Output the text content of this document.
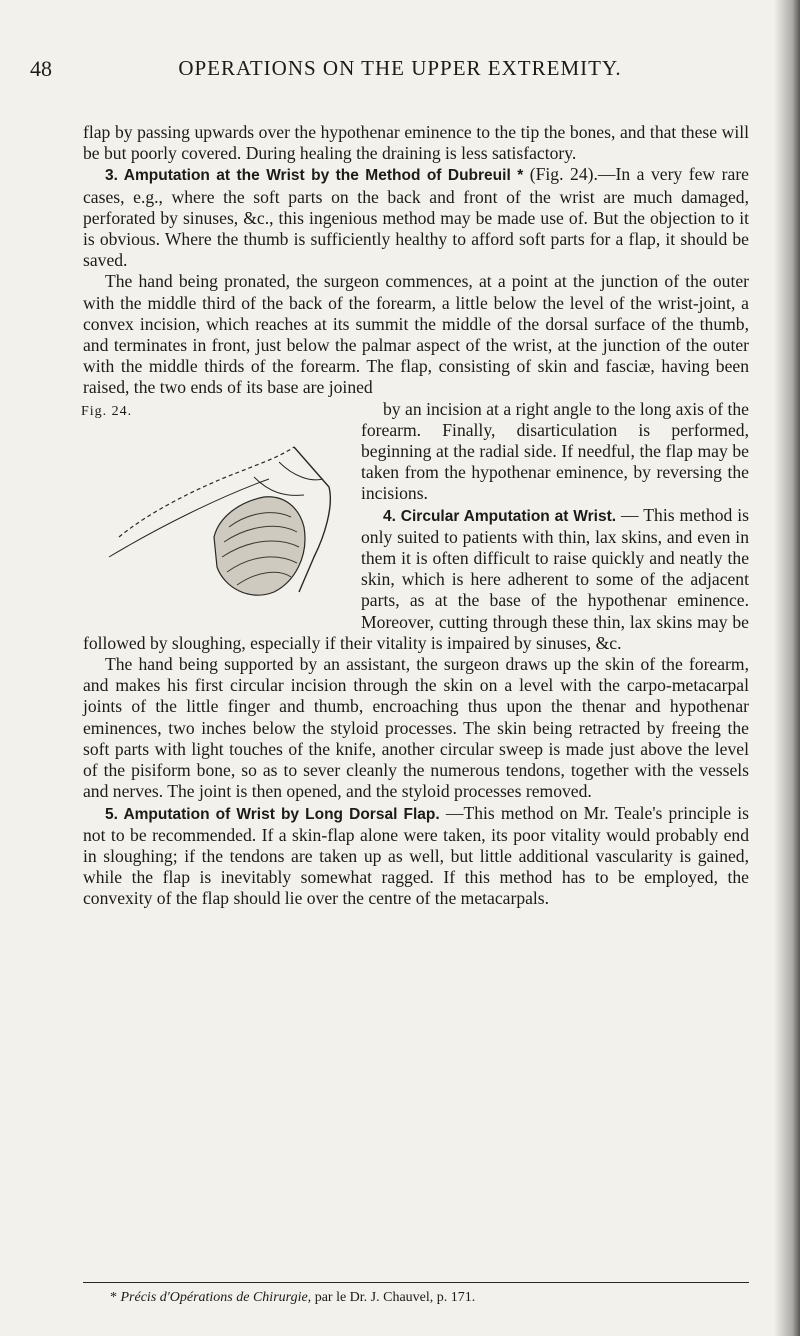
48	OPERATIONS ON THE UPPER EXTREMITY.

flap by passing upwards over the hypothenar eminence to the tip the bones, and that these will be but poorly covered. During healing the draining is less satisfactory.

3. Amputation at the Wrist by the Method of Dubreuil * (Fig. 24).—In a very few rare cases, e.g., where the soft parts on the back and front of the wrist are much damaged, perforated by sinuses, &c., this ingenious method may be made use of. But the objection to it is obvious. Where the thumb is sufficiently healthy to afford soft parts for a flap, it should be saved.

The hand being pronated, the surgeon commences, at a point at the junction of the outer with the middle third of the back of the forearm, a little below the level of the wrist-joint, a convex incision, which reaches at its summit the middle of the dorsal surface of the thumb, and terminates in front, just below the palmar aspect of the wrist, at the junction of the outer with the middle thirds of the forearm. The flap, consisting of skin and fasciæ, having been raised, the two ends of its base are joined

Fig. 24.	by an incision at a right angle to the long axis of the forearm. Finally, disarticulation is performed, beginning at the radial side. If needful, the flap may be taken from the hypothenar eminence, by reversing the incisions.

4. Circular Amputation at Wrist. — This method is only suited to patients with thin, lax skins, and even in them it is often difficult to raise quickly and neatly the skin, which is here adherent to some of the adjacent parts, as at the base of the hypothenar eminence. Moreover, cutting through these thin, lax skins may be followed by sloughing, especially if their vitality is impaired by sinuses, &c.

The hand being supported by an assistant, the surgeon draws up the skin of the forearm, and makes his first circular incision through the skin on a level with the carpo-metacarpal joints of the little finger and thumb, encroaching thus upon the thenar and hypothenar eminences, two inches below the styloid processes. The skin being retracted by freeing the soft parts with light touches of the knife, another circular sweep is made just above the level of the pisiform bone, so as to sever cleanly the numerous tendons, together with the vessels and nerves. The joint is then opened, and the styloid processes removed.

5. Amputation of Wrist by Long Dorsal Flap. —This method on Mr. Teale's principle is not to be recommended. If a skin-flap alone were taken, its poor vitality would probably end in sloughing; if the tendons are taken up as well, but little additional vascularity is gained, while the flap is inevitably somewhat ragged. If this method has to be employed, the convexity of the flap should lie over the centre of the metacarpals.

* Précis d'Opérations de Chirurgie, par le Dr. J. Chauvel, p. 171.
